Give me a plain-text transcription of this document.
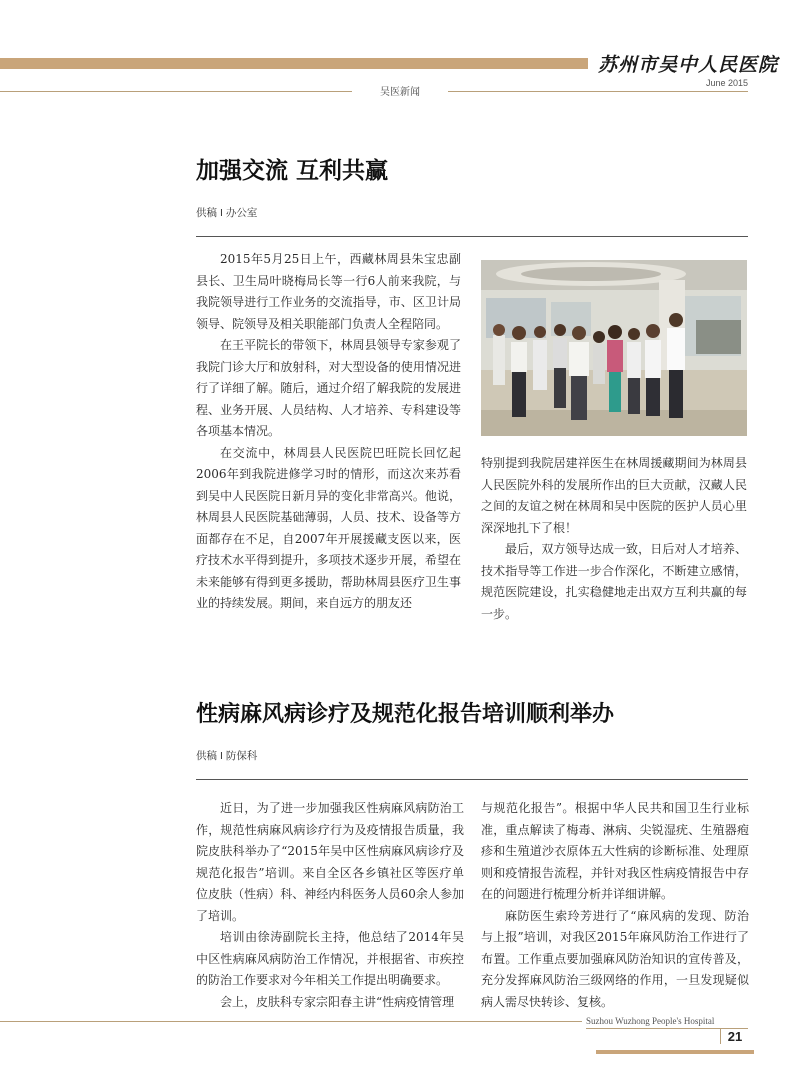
苏州市吴中人民医院
June 2015
吴医新闻
加强交流 互利共赢
供稿 I 办公室

2015年5月25日上午，西藏林周县朱宝忠副县长、卫生局叶晓梅局长等一行6人前来我院，与我院领导进行工作业务的交流指导，市、区卫计局领导、院领导及相关职能部门负责人全程陪同。

在王平院长的带领下，林周县领导专家参观了我院门诊大厅和放射科，对大型设备的使用情况进行了详细了解。随后，通过介绍了解我院的发展进程、业务开展、人员结构、人才培养、专科建设等各项基本情况。

在交流中，林周县人民医院巴旺院长回忆起2006年到我院进修学习时的情形，而这次来苏看到吴中人民医院日新月异的变化非常高兴。他说，林周县人民医院基础薄弱，人员、技术、设备等方面都存在不足，自2007年开展援藏支医以来，医疗技术水平得到提升，多项技术逐步开展，希望在未来能够有得到更多援助，帮助林周县医疗卫生事业的持续发展。期间，来自远方的朋友还

特别提到我院居建祥医生在林周援藏期间为林周县人民医院外科的发展所作出的巨大贡献，汉藏人民之间的友谊之树在林周和吴中医院的医护人员心里深深地扎下了根！

最后，双方领导达成一致，日后对人才培养、技术指导等工作进一步合作深化，不断建立感情，规范医院建设，扎实稳健地走出双方互利共赢的每一步。

性病麻风病诊疗及规范化报告培训顺利举办
供稿 I 防保科

近日，为了进一步加强我区性病麻风病防治工作，规范性病麻风病诊疗行为及疫情报告质量，我院皮肤科举办了“2015年吴中区性病麻风病诊疗及规范化报告”培训。来自全区各乡镇社区等医疗单位皮肤（性病）科、神经内科医务人员60余人参加了培训。

培训由徐涛副院长主持，他总结了2014年吴中区性病麻风病防治工作情况，并根据省、市疾控的防治工作要求对今年相关工作提出明确要求。

会上，皮肤科专家宗阳春主讲“性病疫情管理

与规范化报告”。根据中华人民共和国卫生行业标准，重点解读了梅毒、淋病、尖锐湿疣、生殖器疱疹和生殖道沙衣原体五大性病的诊断标准、处理原则和疫情报告流程，并针对我区性病疫情报告中存在的问题进行梳理分析并详细讲解。

麻防医生索玲芳进行了“麻风病的发现、防治与上报”培训，对我区2015年麻风防治工作进行了布置。工作重点要加强麻风防治知识的宣传普及，充分发挥麻风防治三级网络的作用，一旦发现疑似病人需尽快转诊、复核。

Suzhou Wuzhong People's Hospital
21
